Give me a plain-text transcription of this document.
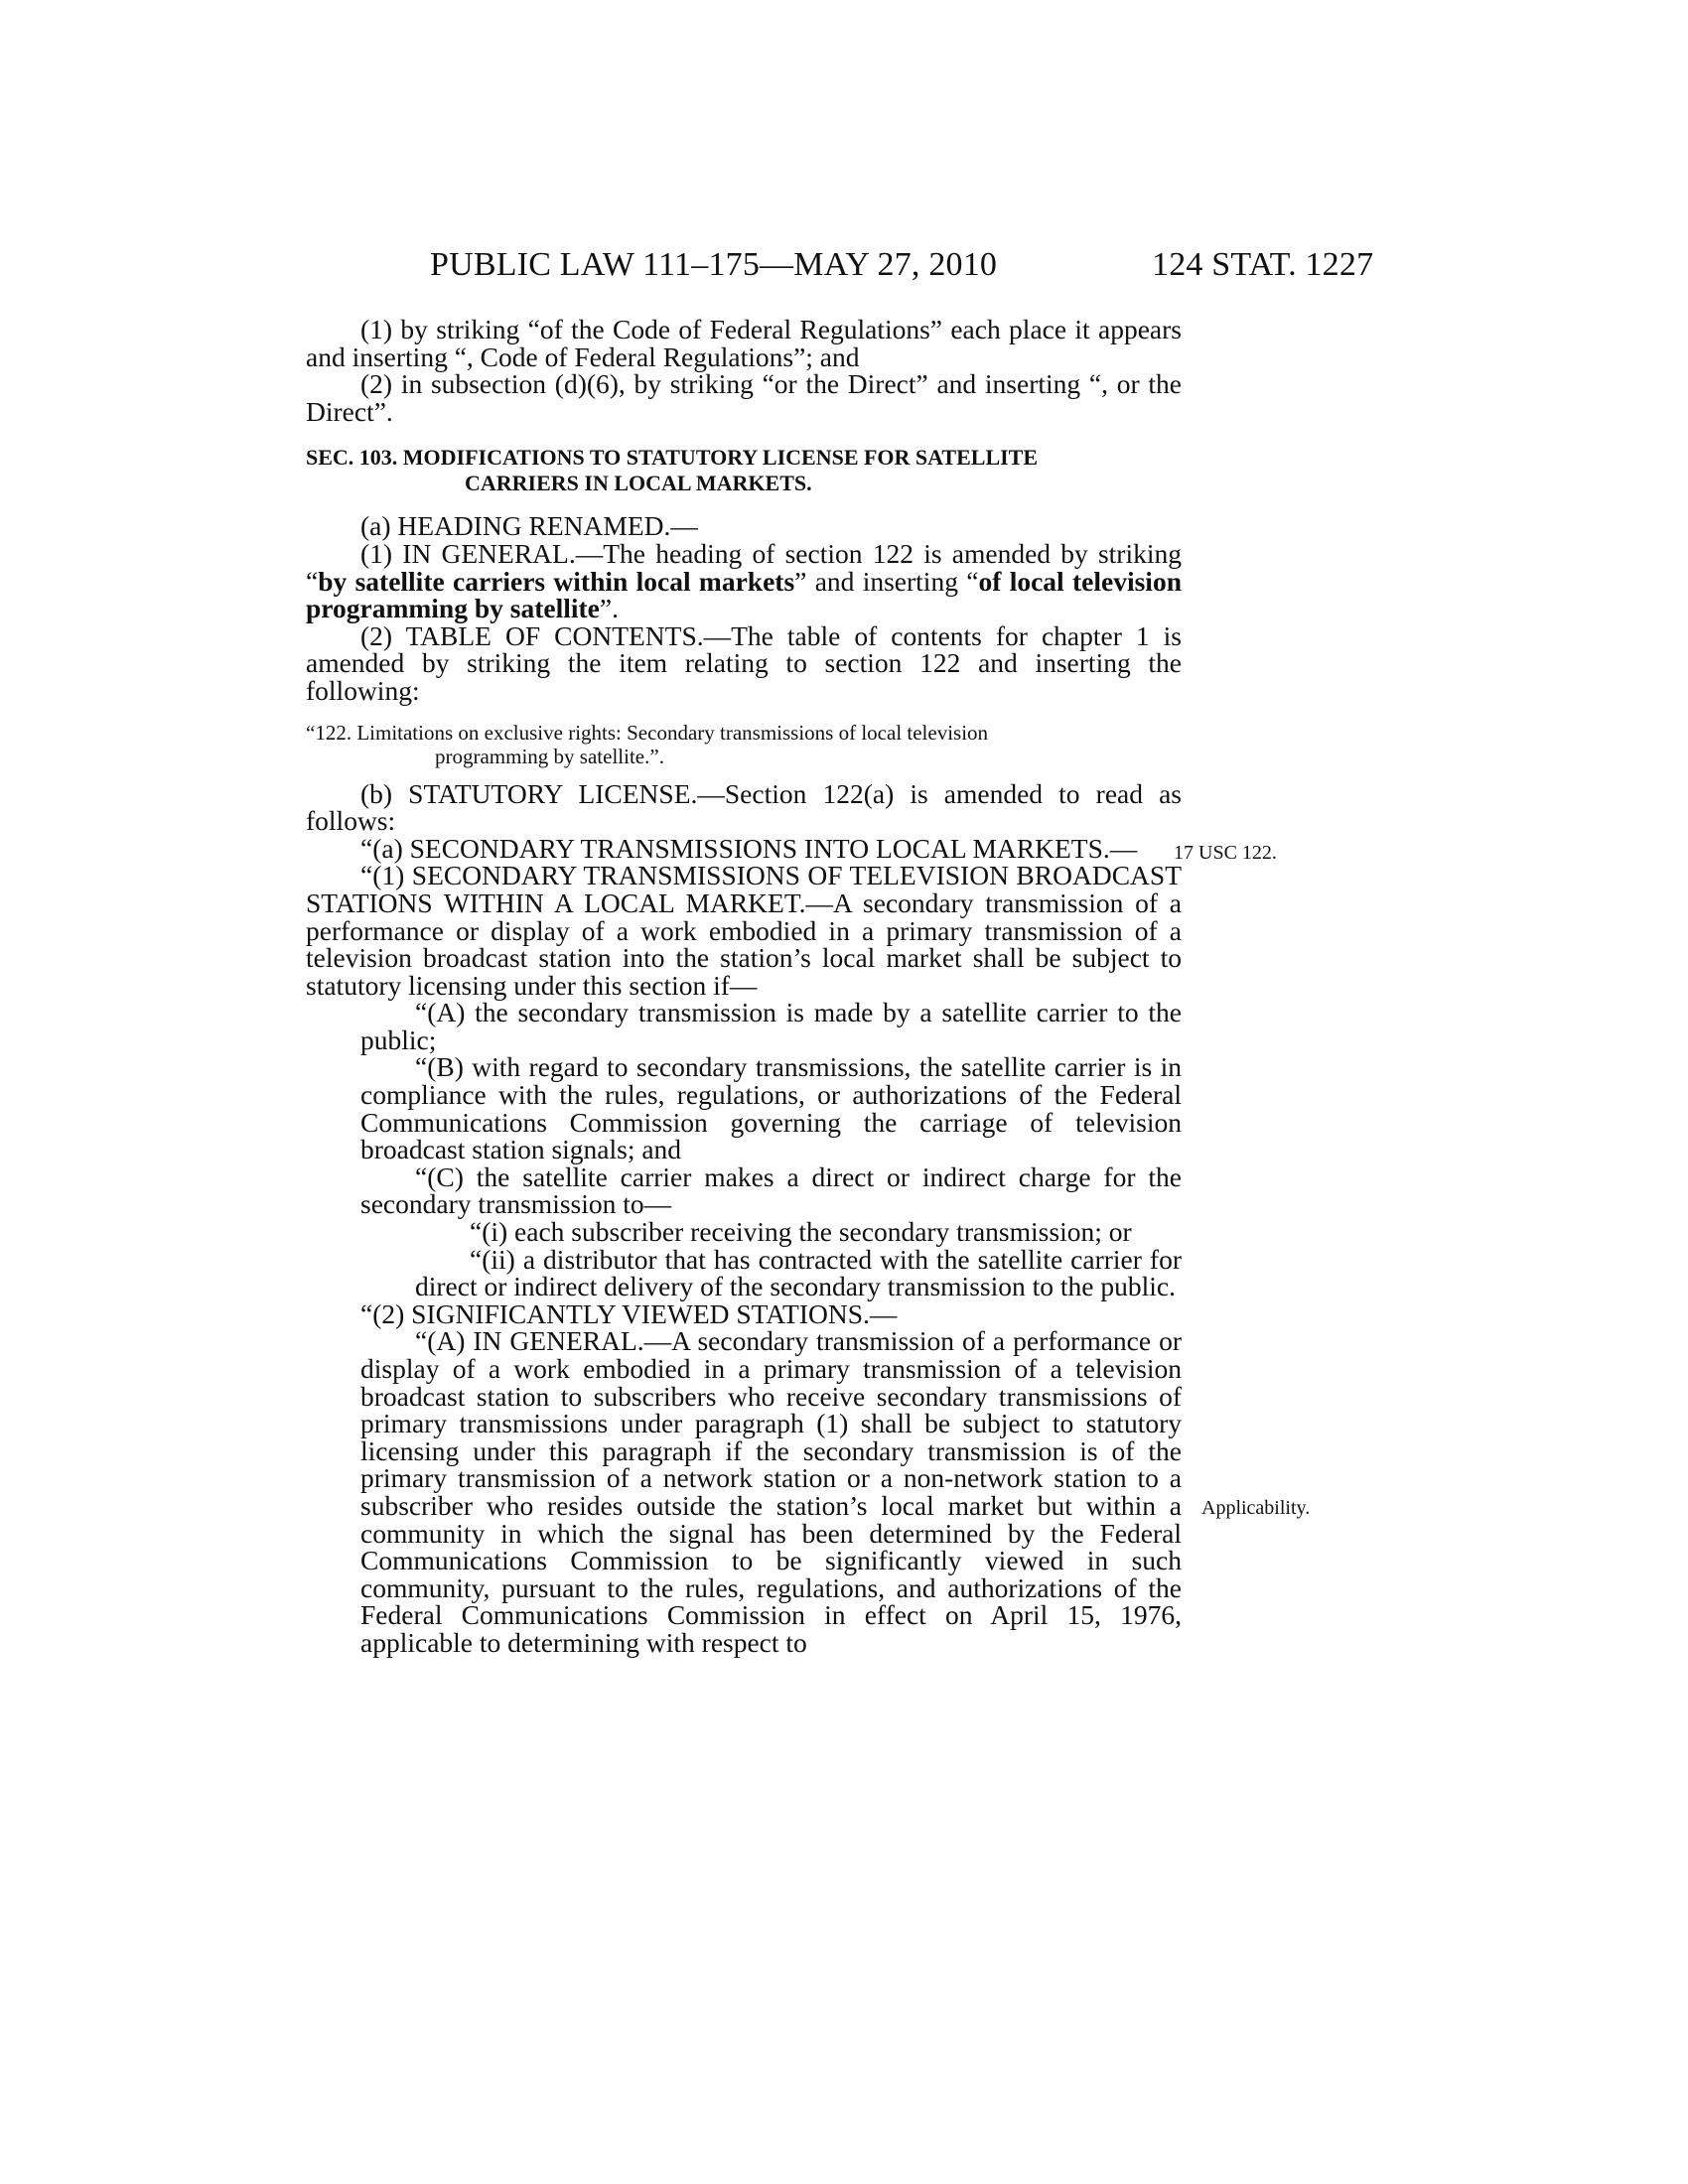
PUBLIC LAW 111–175—MAY 27, 2010	124 STAT. 1227

(1) by striking “of the Code of Federal Regulations” each place it appears and inserting “, Code of Federal Regulations”; and

(2) in subsection (d)(6), by striking “or the Direct” and inserting “, or the Direct”.

SEC. 103. MODIFICATIONS TO STATUTORY LICENSE FOR SATELLITE
CARRIERS IN LOCAL MARKETS.

(a) HEADING RENAMED.—

(1) IN GENERAL.—The heading of section 122 is amended by striking “by satellite carriers within local markets” and inserting “of local television programming by satellite”.

(2) TABLE OF CONTENTS.—The table of contents for chapter 1 is amended by striking the item relating to section 122 and inserting the following:

“122. Limitations on exclusive rights: Secondary transmissions of local television
programming by satellite.”.

(b) STATUTORY LICENSE.—Section 122(a) is amended to read as follows:

“(a) SECONDARY TRANSMISSIONS INTO LOCAL MARKETS.—

“(1) SECONDARY TRANSMISSIONS OF TELEVISION BROADCAST STATIONS WITHIN A LOCAL MARKET.—A secondary transmission of a performance or display of a work embodied in a primary transmission of a television broadcast station into the station’s local market shall be subject to statutory licensing under this section if—

“(A) the secondary transmission is made by a satellite carrier to the public;

“(B) with regard to secondary transmissions, the satellite carrier is in compliance with the rules, regulations, or authorizations of the Federal Communications Commission governing the carriage of television broadcast station signals; and

“(C) the satellite carrier makes a direct or indirect charge for the secondary transmission to—

“(i) each subscriber receiving the secondary transmission; or

“(ii) a distributor that has contracted with the satellite carrier for direct or indirect delivery of the secondary transmission to the public.

“(2) SIGNIFICANTLY VIEWED STATIONS.—

“(A) IN GENERAL.—A secondary transmission of a performance or display of a work embodied in a primary transmission of a television broadcast station to subscribers who receive secondary transmissions of primary transmissions under paragraph (1) shall be subject to statutory licensing under this paragraph if the secondary transmission is of the primary transmission of a network station or a non-network station to a subscriber who resides outside the station’s local market but within a community in which the signal has been determined by the Federal Communications Commission to be significantly viewed in such community, pursuant to the rules, regulations, and authorizations of the Federal Communications Commission in effect on April 15, 1976, applicable to determining with respect to

17 USC 122.
Applicability.
